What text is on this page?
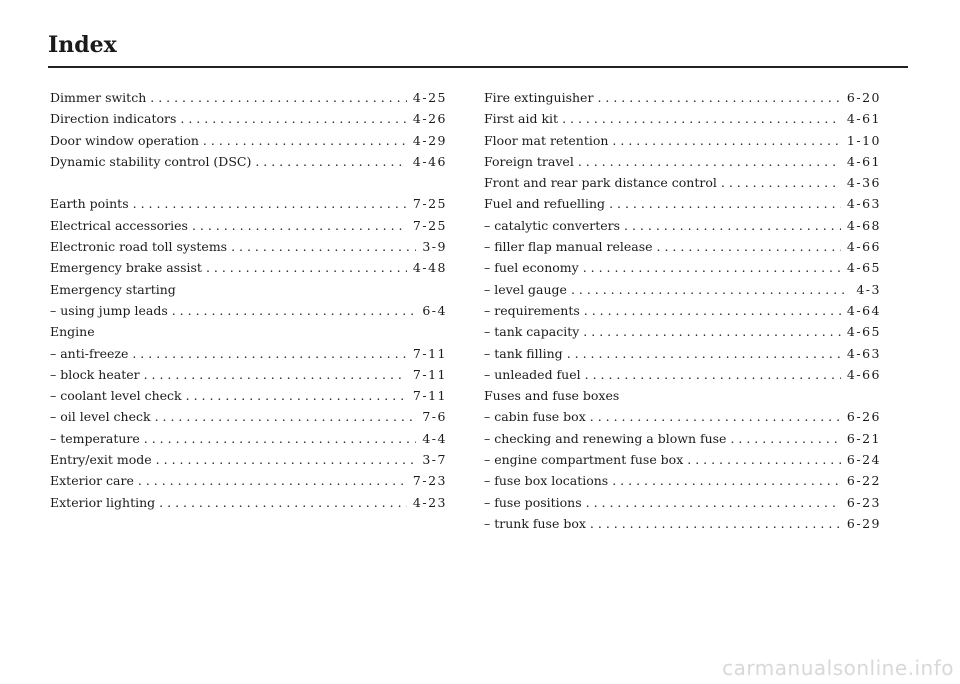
Index
Dimmer switch . . .	4-25
Direction indicators . . .	4-26
Door window operation . . .	4-29
Dynamic stability control (DSC) . . .	4-46
Earth points . . .	7-25
Electrical accessories . . .	7-25
Electronic road toll systems . . .	3-9
Emergency brake assist . . .	4-48
Emergency starting
– using jump leads . . .	6-4
Engine
– anti-freeze . . .	7-11
– block heater . . .	7-11
– coolant level check . . .	7-11
– oil level check . . .	7-6
– temperature . . .	4-4
Entry/exit mode . . .	3-7
Exterior care . . .	7-23
Exterior lighting . . .	4-23
Fire extinguisher . . .	6-20
First aid kit . . .	4-61
Floor mat retention . . .	1-10
Foreign travel . . .	4-61
Front and rear park distance control . . .	4-36
Fuel and refuelling . . .	4-63
– catalytic converters . . .	4-68
– filler flap manual release . . .	4-66
– fuel economy . . .	4-65
– level gauge . . .	4-3
– requirements . . .	4-64
– tank capacity . . .	4-65
– tank filling . . .	4-63
– unleaded fuel . . .	4-66
Fuses and fuse boxes
– cabin fuse box . . .	6-26
– checking and renewing a blown fuse . . .	6-21
– engine compartment fuse box . . .	6-24
– fuse box locations . . .	6-22
– fuse positions . . .	6-23
– trunk fuse box . . .	6-29
carmanualsonline.info
